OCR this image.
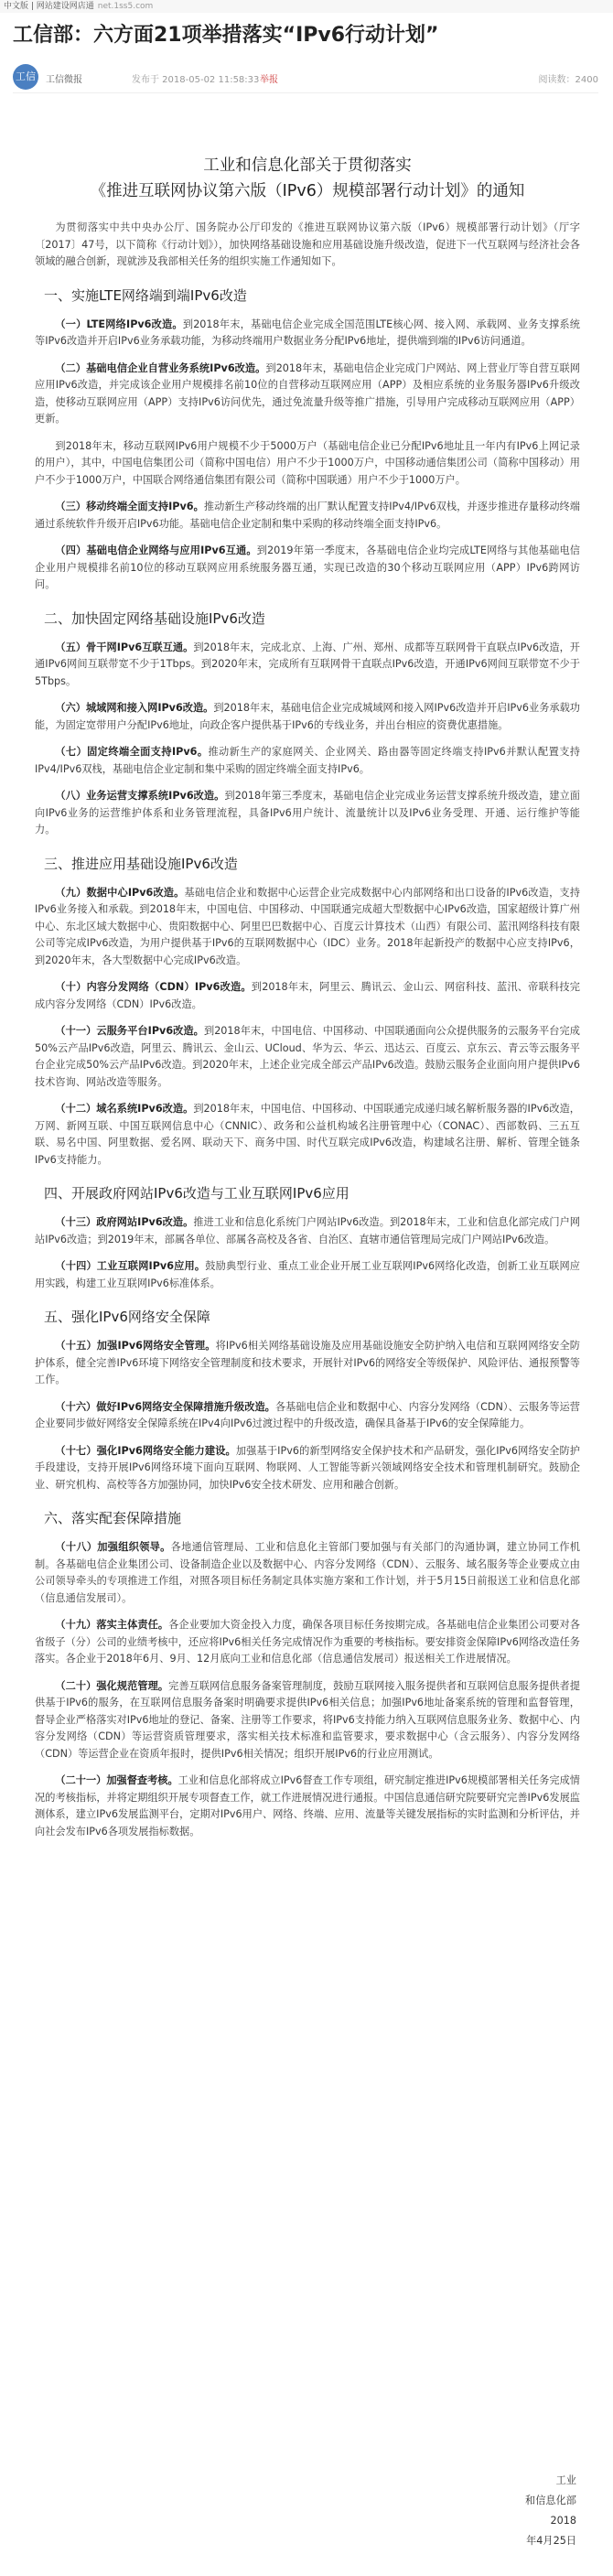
中文版 | 网站建设网店通 net.1ss5.com
工信部：六方面21项举措落实“IPv6行动计划”
工信	工信微报	发布于 2018-05-02 11:58:33 举报	阅读数：2400
工业和信息化部关于贯彻落实
《推进互联网协议第六版（IPv6）规模部署行动计划》的通知

为贯彻落实中共中央办公厅、国务院办公厅印发的《推进互联网协议第六版（IPv6）规模部署行动计划》（厅字〔2017〕47号，以下简称《行动计划》），加快网络基础设施和应用基础设施升级改造，促进下一代互联网与经济社会各领域的融合创新，现就涉及我部相关任务的组织实施工作通知如下。

一、实施LTE网络端到端IPv6改造

（一）LTE网络IPv6改造。到2018年末，基础电信企业完成全国范围LTE核心网、接入网、承载网、业务支撑系统等IPv6改造并开启IPv6业务承载功能，为移动终端用户数据业务分配IPv6地址，提供端到端的IPv6访问通道。

（二）基础电信企业自营业务系统IPv6改造。到2018年末，基础电信企业完成门户网站、网上营业厅等自营互联网应用IPv6改造，并完成该企业用户规模排名前10位的自营移动互联网应用（APP）及相应系统的业务服务器IPv6升级改造，使移动互联网应用（APP）支持IPv6访问优先，通过免流量升级等推广措施，引导用户完成移动互联网应用（APP）更新。

到2018年末，移动互联网IPv6用户规模不少于5000万户（基础电信企业已分配IPv6地址且一年内有IPv6上网记录的用户），其中，中国电信集团公司（简称中国电信）用户不少于1000万户，中国移动通信集团公司（简称中国移动）用户不少于1000万户，中国联合网络通信集团有限公司（简称中国联通）用户不少于1000万户。

（三）移动终端全面支持IPv6。推动新生产移动终端的出厂默认配置支持IPv4/IPv6双栈，并逐步推进存量移动终端通过系统软件升级开启IPv6功能。基础电信企业定制和集中采购的移动终端全面支持IPv6。

（四）基础电信企业网络与应用IPv6互通。到2019年第一季度末，各基础电信企业均完成LTE网络与其他基础电信企业用户规模排名前10位的移动互联网应用系统服务器互通，实现已改造的30个移动互联网应用（APP）IPv6跨网访问。

二、加快固定网络基础设施IPv6改造

（五）骨干网IPv6互联互通。到2018年末，完成北京、上海、广州、郑州、成都等互联网骨干直联点IPv6改造，开通IPv6网间互联带宽不少于1Tbps。到2020年末，完成所有互联网骨干直联点IPv6改造，开通IPv6网间互联带宽不少于5Tbps。

（六）城域网和接入网IPv6改造。到2018年末，基础电信企业完成城域网和接入网IPv6改造并开启IPv6业务承载功能，为固定宽带用户分配IPv6地址，向政企客户提供基于IPv6的专线业务，并出台相应的资费优惠措施。

（七）固定终端全面支持IPv6。推动新生产的家庭网关、企业网关、路由器等固定终端支持IPv6并默认配置支持IPv4/IPv6双栈，基础电信企业定制和集中采购的固定终端全面支持IPv6。

（八）业务运营支撑系统IPv6改造。到2018年第三季度末，基础电信企业完成业务运营支撑系统升级改造，建立面向IPv6业务的运营维护体系和业务管理流程，具备IPv6用户统计、流量统计以及IPv6业务受理、开通、运行维护等能力。

三、推进应用基础设施IPv6改造

（九）数据中心IPv6改造。基础电信企业和数据中心运营企业完成数据中心内部网络和出口设备的IPv6改造，支持IPv6业务接入和承载。到2018年末，中国电信、中国移动、中国联通完成超大型数据中心IPv6改造，国家超级计算广州中心、东北区域大数据中心、贵阳数据中心、阿里巴巴数据中心、百度云计算技术（山西）有限公司、蓝汛网络科技有限公司等完成IPv6改造，为用户提供基于IPv6的互联网数据中心（IDC）业务。2018年起新投产的数据中心应支持IPv6，到2020年末，各大型数据中心完成IPv6改造。

（十）内容分发网络（CDN）IPv6改造。到2018年末，阿里云、腾讯云、金山云、网宿科技、蓝汛、帝联科技完成内容分发网络（CDN）IPv6改造。

（十一）云服务平台IPv6改造。到2018年末，中国电信、中国移动、中国联通面向公众提供服务的云服务平台完成50%云产品IPv6改造，阿里云、腾讯云、金山云、UCloud、华为云、华云、迅达云、百度云、京东云、青云等云服务平台企业完成50%云产品IPv6改造。到2020年末，上述企业完成全部云产品IPv6改造。鼓励云服务企业面向用户提供IPv6技术咨询、网站改造等服务。

（十二）域名系统IPv6改造。到2018年末，中国电信、中国移动、中国联通完成递归域名解析服务器的IPv6改造，万网、新网互联、中国互联网信息中心（CNNIC）、政务和公益机构域名注册管理中心（CONAC）、西部数码、三五互联、易名中国、阿里数据、爱名网、联动天下、商务中国、时代互联完成IPv6改造，构建域名注册、解析、管理全链条IPv6支持能力。

四、开展政府网站IPv6改造与工业互联网IPv6应用

（十三）政府网站IPv6改造。推进工业和信息化系统门户网站IPv6改造。到2018年末，工业和信息化部完成门户网站IPv6改造；到2019年末，部属各单位、部属各高校及各省、自治区、直辖市通信管理局完成门户网站IPv6改造。

（十四）工业互联网IPv6应用。鼓励典型行业、重点工业企业开展工业互联网IPv6网络化改造，创新工业互联网应用实践，构建工业互联网IPv6标准体系。

五、强化IPv6网络安全保障

（十五）加强IPv6网络安全管理。将IPv6相关网络基础设施及应用基础设施安全防护纳入电信和互联网网络安全防护体系，健全完善IPv6环境下网络安全管理制度和技术要求，开展针对IPv6的网络安全等级保护、风险评估、通报预警等工作。

（十六）做好IPv6网络安全保障措施升级改造。各基础电信企业和数据中心、内容分发网络（CDN）、云服务等运营企业要同步做好网络安全保障系统在IPv4向IPv6过渡过程中的升级改造，确保具备基于IPv6的安全保障能力。

（十七）强化IPv6网络安全能力建设。加强基于IPv6的新型网络安全保护技术和产品研发，强化IPv6网络安全防护手段建设，支持开展IPv6网络环境下面向互联网、物联网、人工智能等新兴领域网络安全技术和管理机制研究。鼓励企业、研究机构、高校等各方加强协同，加快IPv6安全技术研发、应用和融合创新。

六、落实配套保障措施

（十八）加强组织领导。各地通信管理局、工业和信息化主管部门要加强与有关部门的沟通协调，建立协同工作机制。各基础电信企业集团公司、设备制造企业以及数据中心、内容分发网络（CDN）、云服务、域名服务等企业要成立由公司领导牵头的专项推进工作组，对照各项目标任务制定具体实施方案和工作计划，并于5月15日前报送工业和信息化部（信息通信发展司）。

（十九）落实主体责任。各企业要加大资金投入力度，确保各项目标任务按期完成。各基础电信企业集团公司要对各省级子（分）公司的业绩考核中，还应将IPv6相关任务完成情况作为重要的考核指标。要安排资金保障IPv6网络改造任务落实。各企业于2018年6月、9月、12月底向工业和信息化部（信息通信发展司）报送相关工作进展情况。

（二十）强化规范管理。完善互联网信息服务备案管理制度，鼓励互联网接入服务提供者和互联网信息服务提供者提供基于IPv6的服务，在互联网信息服务备案时明确要求提供IPv6相关信息；加强IPv6地址备案系统的管理和监督管理，督导企业严格落实对IPv6地址的登记、备案、注册等工作要求，将IPv6支持能力纳入互联网信息服务业务、数据中心、内容分发网络（CDN）等运营资质管理要求，落实相关技术标准和监管要求，要求数据中心（含云服务）、内容分发网络（CDN）等运营企业在资质年报时，提供IPv6相关情况；组织开展IPv6的行业应用测试。

（二十一）加强督查考核。工业和信息化部将成立IPv6督查工作专项组，研究制定推进IPv6规模部署相关任务完成情况的考核指标，并将定期组织开展专项督查工作，就工作进展情况进行通报。中国信息通信研究院要研究完善IPv6发展监测体系，建立IPv6发展监测平台，定期对IPv6用户、网络、终端、应用、流量等关键发展指标的实时监测和分析评估，并向社会发布IPv6各项发展指标数据。

工业
和信息化部
2018
年4月25日
